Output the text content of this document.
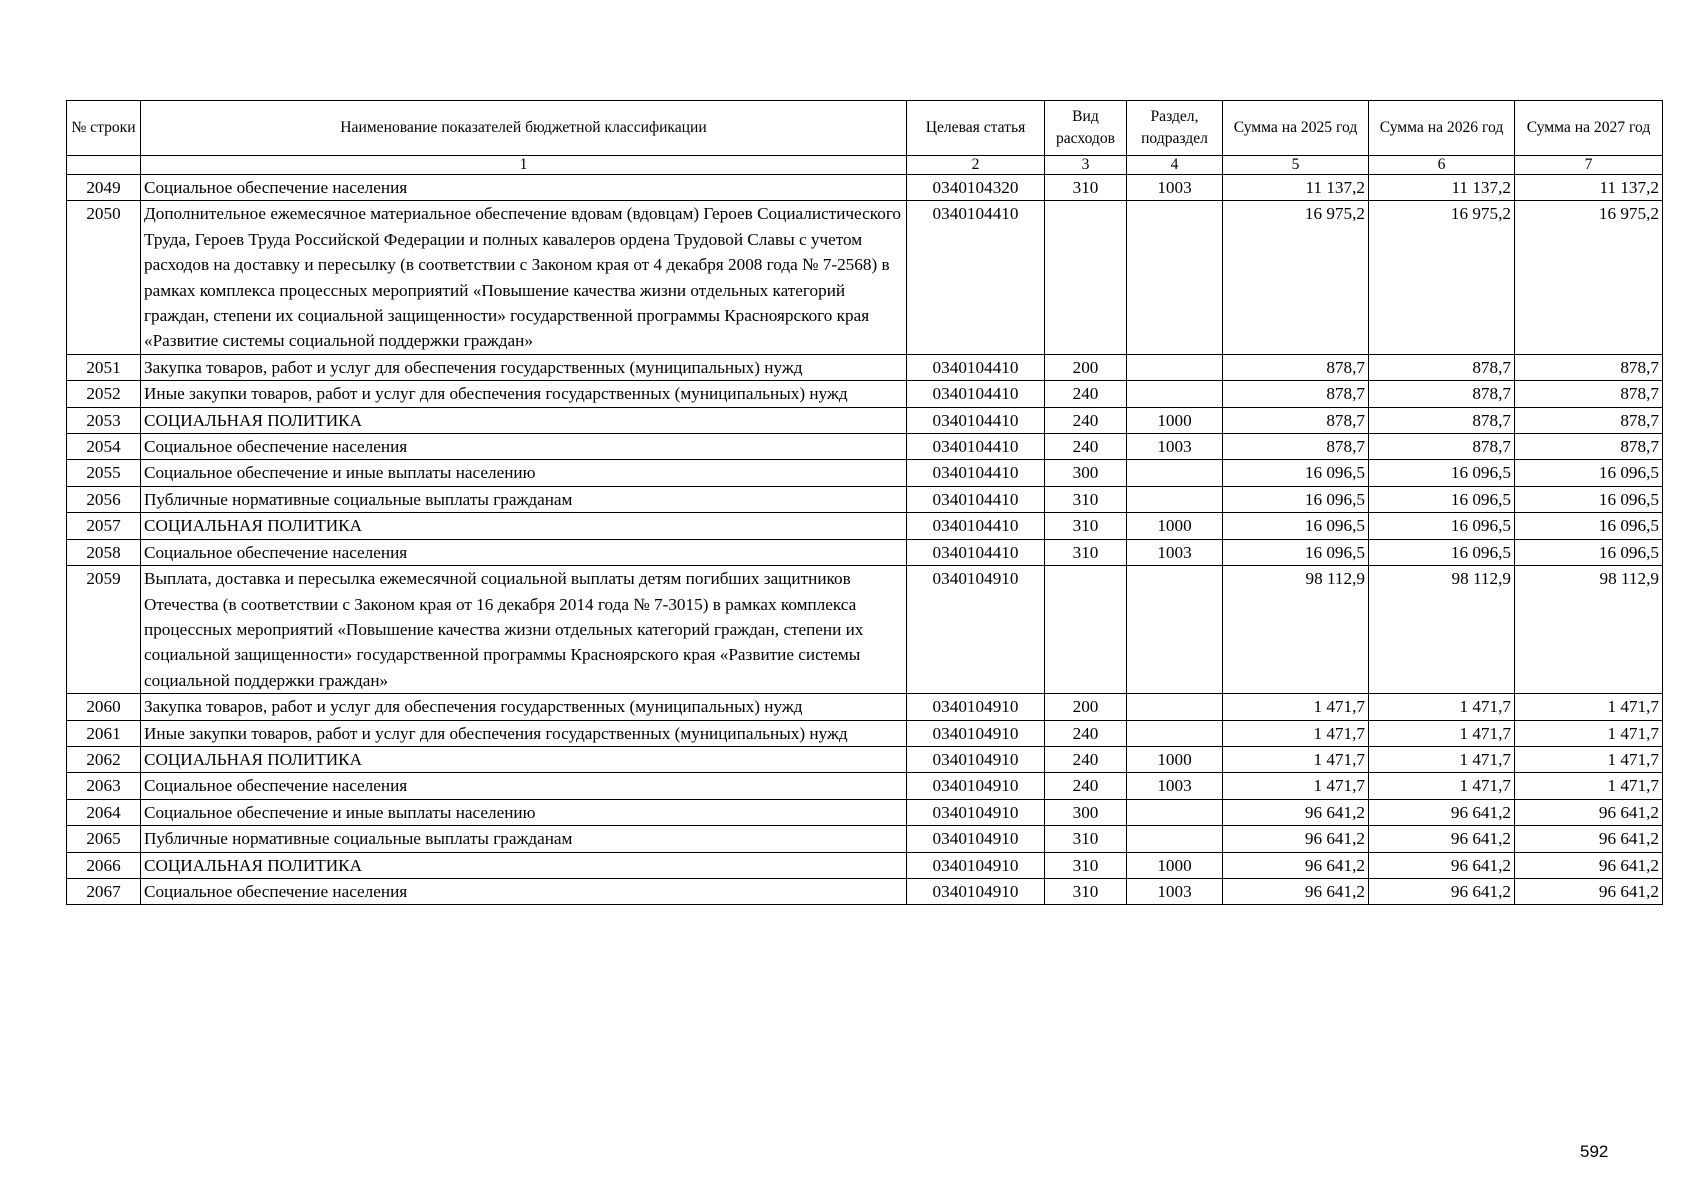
№ строки	Наименование показателей бюджетной классификации	Целевая статья	Вид расходов	Раздел, подраздел	Сумма на 2025 год	Сумма на 2026 год	Сумма на 2027 год
	1	2	3	4	5	6	7
2049	Социальное обеспечение населения	0340104320	310	1003	11 137,2	11 137,2	11 137,2
2050	Дополнительное ежемесячное материальное обеспечение вдовам (вдовцам) Героев Социалистического Труда, Героев Труда Российской Федерации и полных кавалеров ордена Трудовой Славы с учетом расходов на доставку и пересылку (в соответствии с Законом края от 4 декабря 2008 года № 7-2568) в рамках комплекса процессных мероприятий «Повышение качества жизни отдельных категорий граждан, степени их социальной защищенности» государственной программы Красноярского края «Развитие системы социальной поддержки граждан»	0340104410			16 975,2	16 975,2	16 975,2
2051	Закупка товаров, работ и услуг для обеспечения государственных (муниципальных) нужд	0340104410	200		878,7	878,7	878,7
2052	Иные закупки товаров, работ и услуг для обеспечения государственных (муниципальных) нужд	0340104410	240		878,7	878,7	878,7
2053	СОЦИАЛЬНАЯ ПОЛИТИКА	0340104410	240	1000	878,7	878,7	878,7
2054	Социальное обеспечение населения	0340104410	240	1003	878,7	878,7	878,7
2055	Социальное обеспечение и иные выплаты населению	0340104410	300		16 096,5	16 096,5	16 096,5
2056	Публичные нормативные социальные выплаты гражданам	0340104410	310		16 096,5	16 096,5	16 096,5
2057	СОЦИАЛЬНАЯ ПОЛИТИКА	0340104410	310	1000	16 096,5	16 096,5	16 096,5
2058	Социальное обеспечение населения	0340104410	310	1003	16 096,5	16 096,5	16 096,5
2059	Выплата, доставка и пересылка ежемесячной социальной выплаты детям погибших защитников Отечества (в соответствии с Законом края от 16 декабря 2014 года № 7-3015) в рамках комплекса процессных мероприятий «Повышение качества жизни отдельных категорий граждан, степени их социальной защищенности» государственной программы Красноярского края «Развитие системы социальной поддержки граждан»	0340104910			98 112,9	98 112,9	98 112,9
2060	Закупка товаров, работ и услуг для обеспечения государственных (муниципальных) нужд	0340104910	200		1 471,7	1 471,7	1 471,7
2061	Иные закупки товаров, работ и услуг для обеспечения государственных (муниципальных) нужд	0340104910	240		1 471,7	1 471,7	1 471,7
2062	СОЦИАЛЬНАЯ ПОЛИТИКА	0340104910	240	1000	1 471,7	1 471,7	1 471,7
2063	Социальное обеспечение населения	0340104910	240	1003	1 471,7	1 471,7	1 471,7
2064	Социальное обеспечение и иные выплаты населению	0340104910	300		96 641,2	96 641,2	96 641,2
2065	Публичные нормативные социальные выплаты гражданам	0340104910	310		96 641,2	96 641,2	96 641,2
2066	СОЦИАЛЬНАЯ ПОЛИТИКА	0340104910	310	1000	96 641,2	96 641,2	96 641,2
2067	Социальное обеспечение населения	0340104910	310	1003	96 641,2	96 641,2	96 641,2
592
